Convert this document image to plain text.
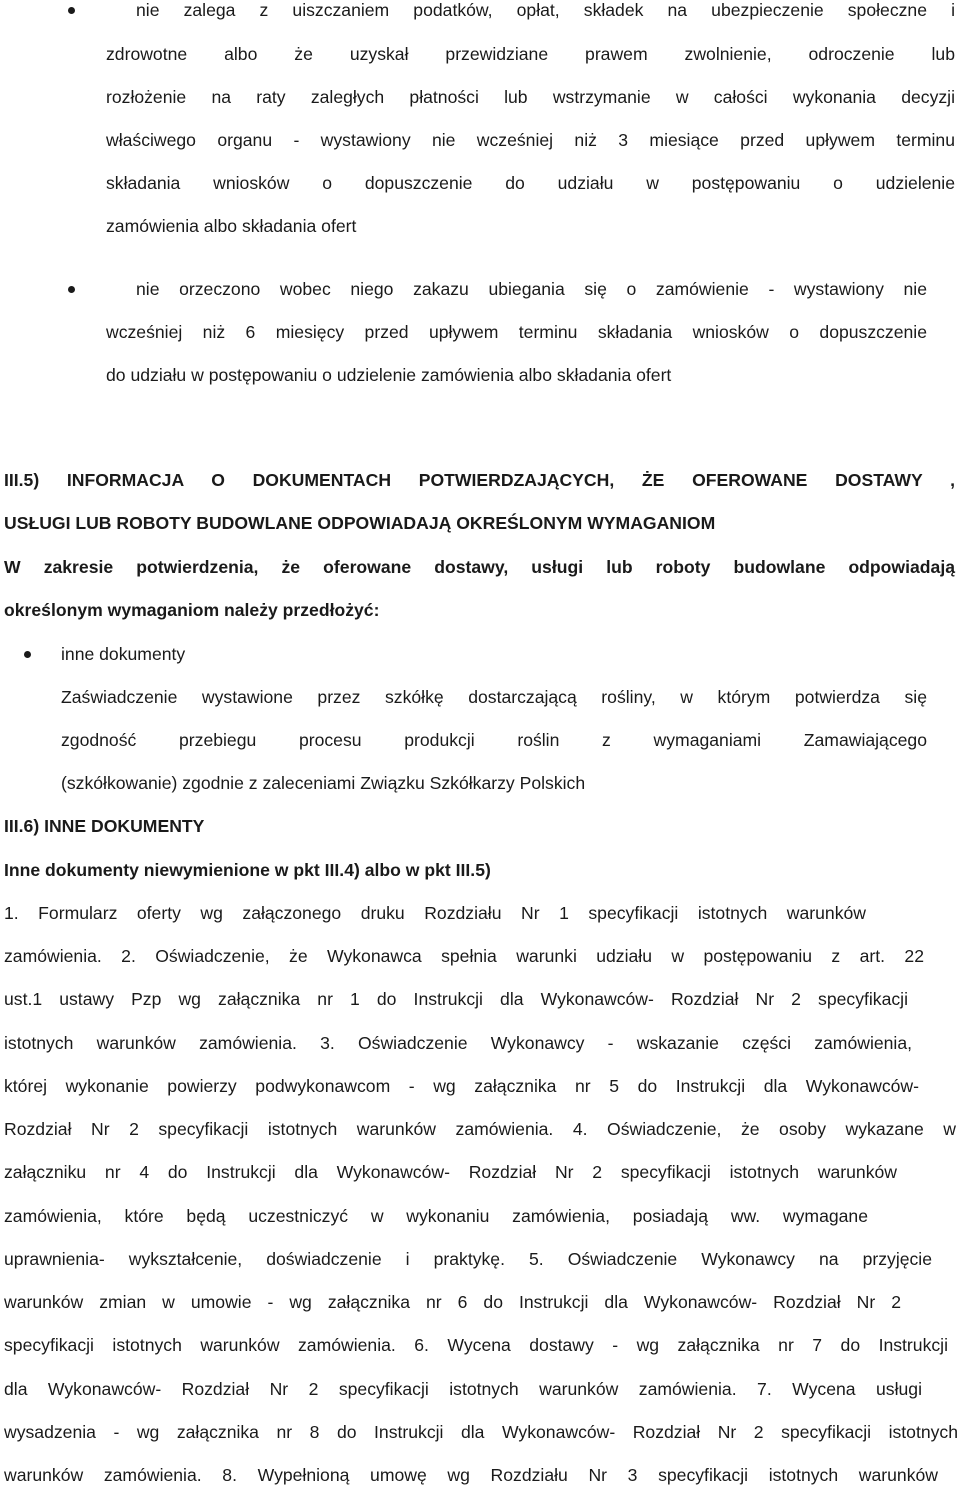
nie zalega z uiszczaniem podatków, opłat, składek na ubezpieczenie społeczne i
zdrowotne albo że uzyskał przewidziane prawem zwolnienie, odroczenie lub
rozłożenie na raty zaległych płatności lub wstrzymanie w całości wykonania decyzji
właściwego organu - wystawiony nie wcześniej niż 3 miesiące przed upływem terminu
składania wniosków o dopuszczenie do udziału w postępowaniu o udzielenie
zamówienia albo składania ofert
nie orzeczono wobec niego zakazu ubiegania się o zamówienie - wystawiony nie
wcześniej niż 6 miesięcy przed upływem terminu składania wniosków o dopuszczenie
do udziału w postępowaniu o udzielenie zamówienia albo składania ofert
III.5) INFORMACJA O DOKUMENTACH POTWIERDZAJĄCYCH, ŻE OFEROWANE DOSTAWY ,
USŁUGI LUB ROBOTY BUDOWLANE ODPOWIADAJĄ OKREŚLONYM WYMAGANIOM
W zakresie potwierdzenia, że oferowane dostawy, usługi lub roboty budowlane odpowiadają
określonym wymaganiom należy przedłożyć:
inne dokumenty
Zaświadczenie wystawione przez szkółkę dostarczającą rośliny, w którym potwierdza się
zgodność przebiegu procesu produkcji roślin z wymaganiami Zamawiającego
(szkółkowanie) zgodnie z zaleceniami Związku Szkółkarzy Polskich
III.6) INNE DOKUMENTY
Inne dokumenty niewymienione w pkt III.4) albo w pkt III.5)
1. Formularz oferty wg załączonego druku Rozdziału Nr 1 specyfikacji istotnych warunków
zamówienia. 2. Oświadczenie, że Wykonawca spełnia warunki udziału w postępowaniu z art. 22
ust.1 ustawy Pzp wg załącznika nr 1 do Instrukcji dla Wykonawców- Rozdział Nr 2 specyfikacji
istotnych warunków zamówienia. 3. Oświadczenie Wykonawcy - wskazanie części zamówienia,
której wykonanie powierzy podwykonawcom - wg załącznika nr 5 do Instrukcji dla Wykonawców-
Rozdział Nr 2 specyfikacji istotnych warunków zamówienia. 4. Oświadczenie, że osoby wykazane w
załączniku nr 4 do Instrukcji dla Wykonawców- Rozdział Nr 2 specyfikacji istotnych warunków
zamówienia, które będą uczestniczyć w wykonaniu zamówienia, posiadają ww. wymagane
uprawnienia- wykształcenie, doświadczenie i praktykę. 5. Oświadczenie Wykonawcy na przyjęcie
warunków zmian w umowie - wg załącznika nr 6 do Instrukcji dla Wykonawców- Rozdział Nr 2
specyfikacji istotnych warunków zamówienia. 6. Wycena dostawy - wg załącznika nr 7 do Instrukcji
dla Wykonawców- Rozdział Nr 2 specyfikacji istotnych warunków zamówienia. 7. Wycena usługi
wysadzenia - wg załącznika nr 8 do Instrukcji dla Wykonawców- Rozdział Nr 2 specyfikacji istotnych
warunków zamówienia. 8. Wypełnioną umowę wg Rozdziału Nr 3 specyfikacji istotnych warunków
